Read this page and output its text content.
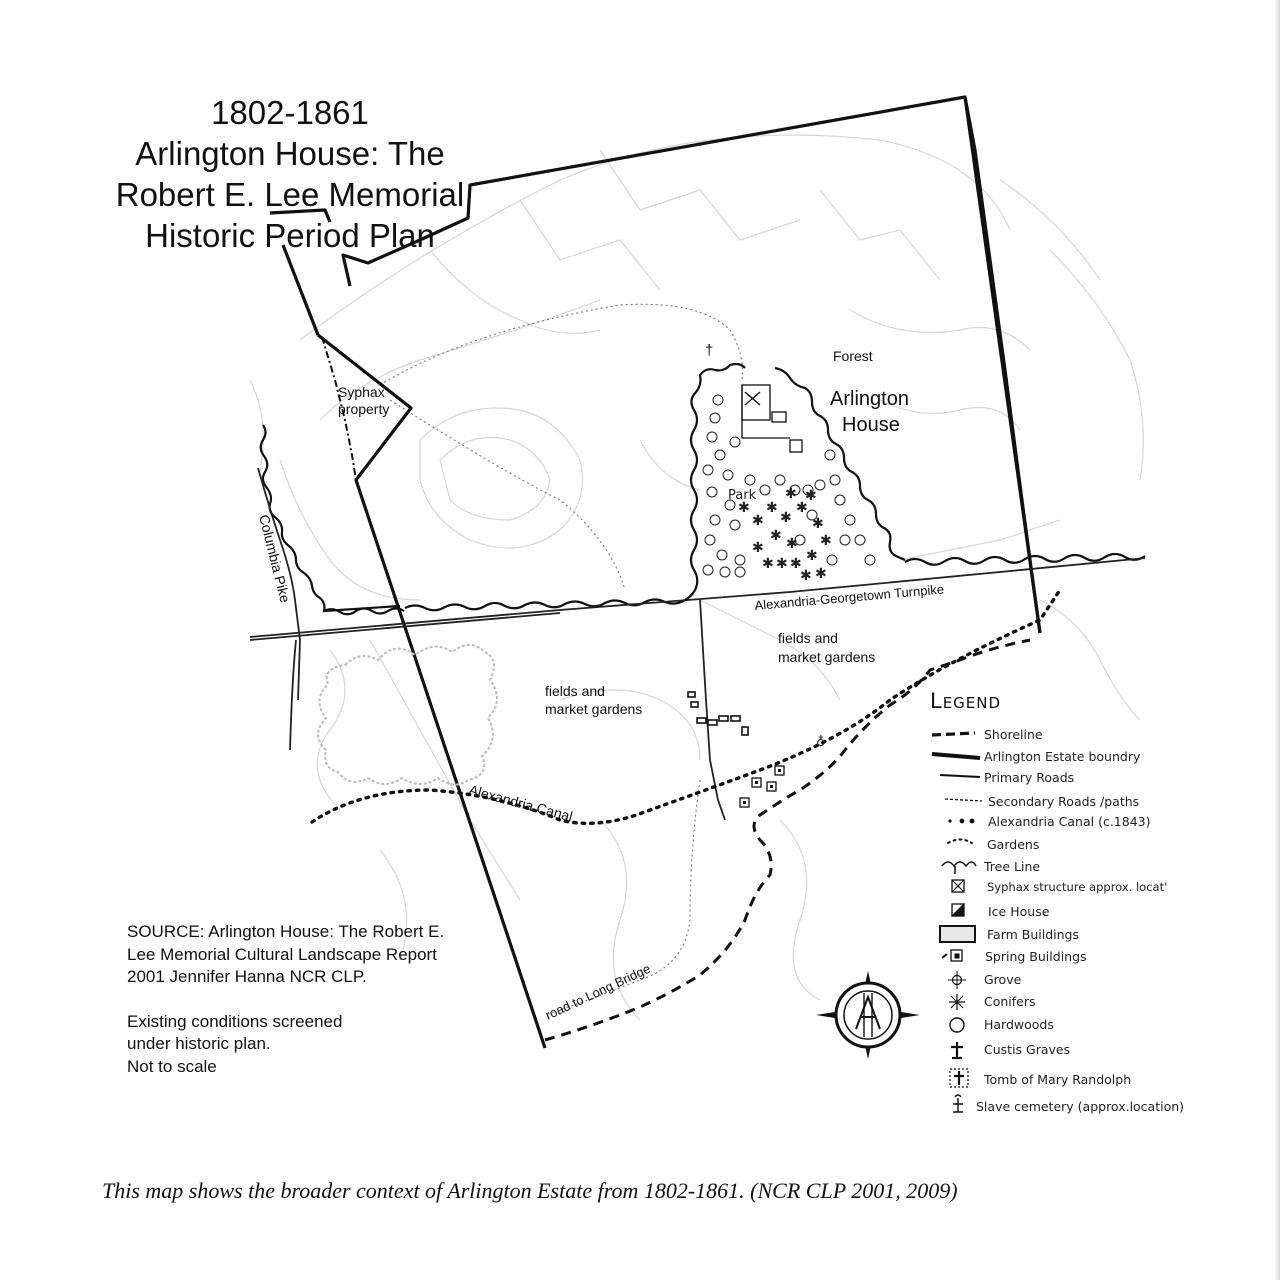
†
✱
✱
✱
✱
✱
✱
✱ ✱
✱
✱ ✱ ✱ ✱
✱
✱ ✱
✱ ✱
♁
Forest
Arlington
House
Syphax
property
Park
Columbia Pike	Alexandria-Georgetown Turnpike
fields and
market gardens
fields and
market gardens
Alexandria Canal
road to Long Bridge
1802-1861
Arlington House: The
Robert E. Lee Memorial
Historic Period Plan
Legend
Shoreline
Arlington Estate boundry
Primary Roads
Secondary Roads /paths
Alexandria Canal (c.1843)
Gardens
Tree Line
Syphax structure approx. locat'
Ice House
Farm Buildings
Spring Buildings
Grove
Conifers
Hardwoods
Custis Graves
Tomb of Mary Randolph
Slave cemetery (approx.location)
SOURCE: Arlington House: The Robert E.
Lee Memorial Cultural Landscape Report
2001 Jennifer Hanna NCR CLP.
Existing conditions screened
under historic plan.
Not to scale
This map shows the broader context of Arlington Estate from 1802-1861. (NCR CLP 2001, 2009)
